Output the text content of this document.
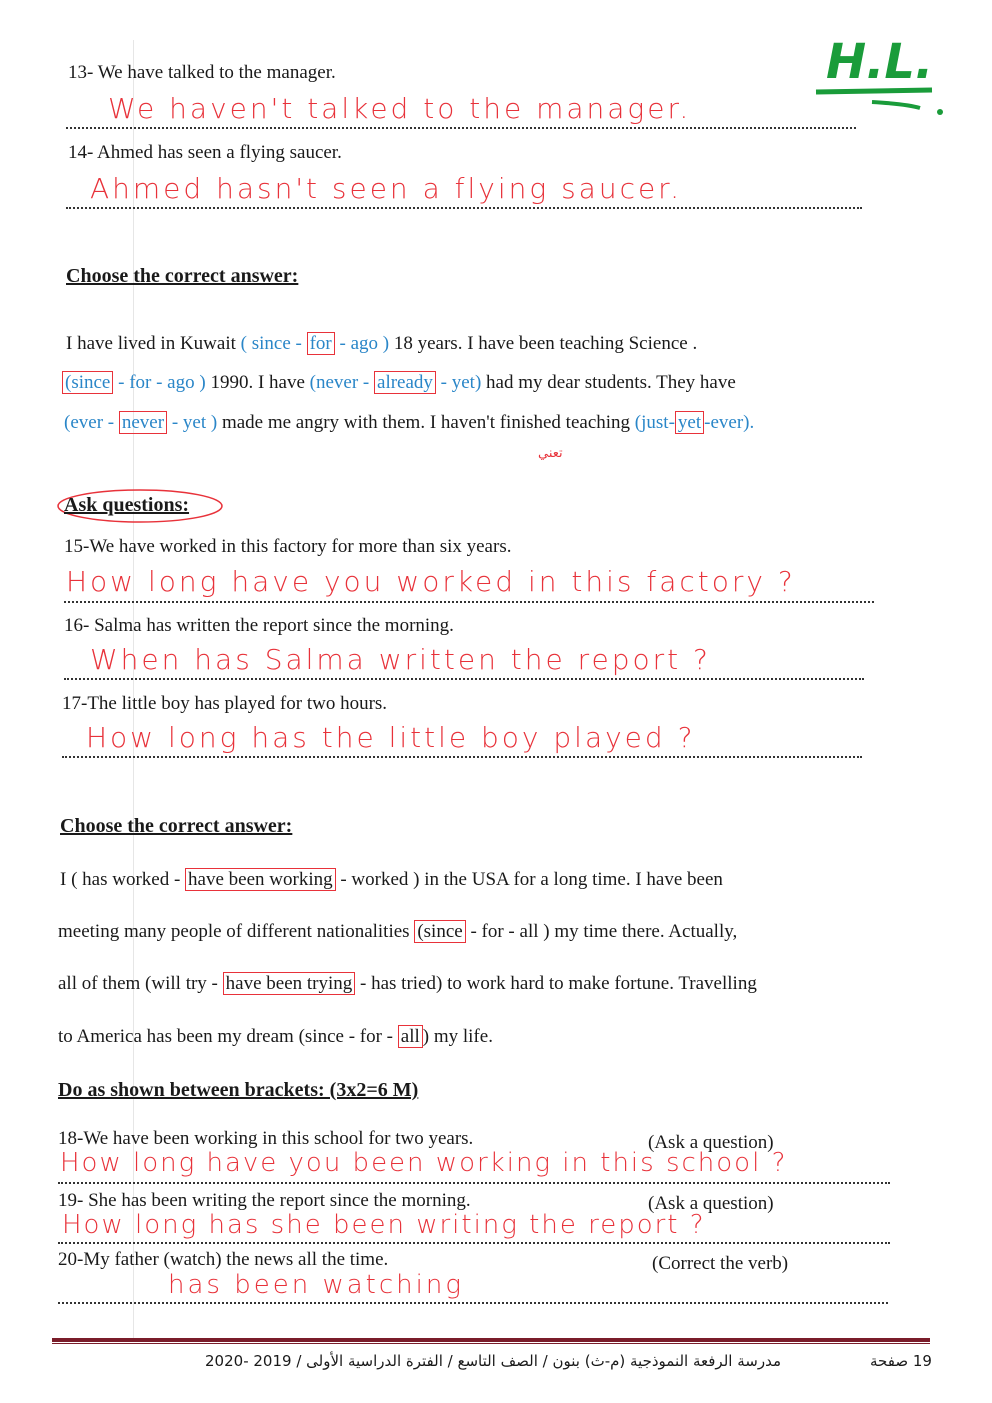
H.L.
13- We have talked to the manager.
We haven't talked to the manager.
14- Ahmed has seen a flying saucer.
Ahmed hasn't seen a flying saucer.
Choose the correct answer:
I have lived in Kuwait ( since - for - ago ) 18 years. I have been teaching Science .
(since - for - ago ) 1990. I have (never - already - yet) had my dear students. They have
(ever - never - yet ) made me angry with them. I haven't finished teaching (just- yet -ever).
تعني
Ask questions:
15-We have worked in this factory for more than six years.
How long have you worked in this factory ?
16- Salma has written the report since the morning.
When has Salma written the report ?
17-The little boy has played for two hours.
How long has the little boy played ?
Choose the correct answer:
I ( has worked - have been working - worked ) in the USA for a long time. I have been
meeting many people of different nationalities (since - for - all ) my time there. Actually,
all of them (will try - have been trying - has tried) to work hard to make fortune. Travelling
to America has been my dream (since - for - all ) my life.
Do as shown between brackets: (3x2=6 M)
18-We have been working in this school for two years.	(Ask a question)
How long have you been working in this school ?
19- She has been writing the report since the morning.	(Ask a question)
How long has she been writing the report ?
20-My father (watch) the news all the time.	(Correct the verb)
has been watching
مدرسة الرفعة النموذجية (م-ث) بنون / الصف التاسع / الفترة الدراسية الأولى / 2019 -2020	19 صفحة
